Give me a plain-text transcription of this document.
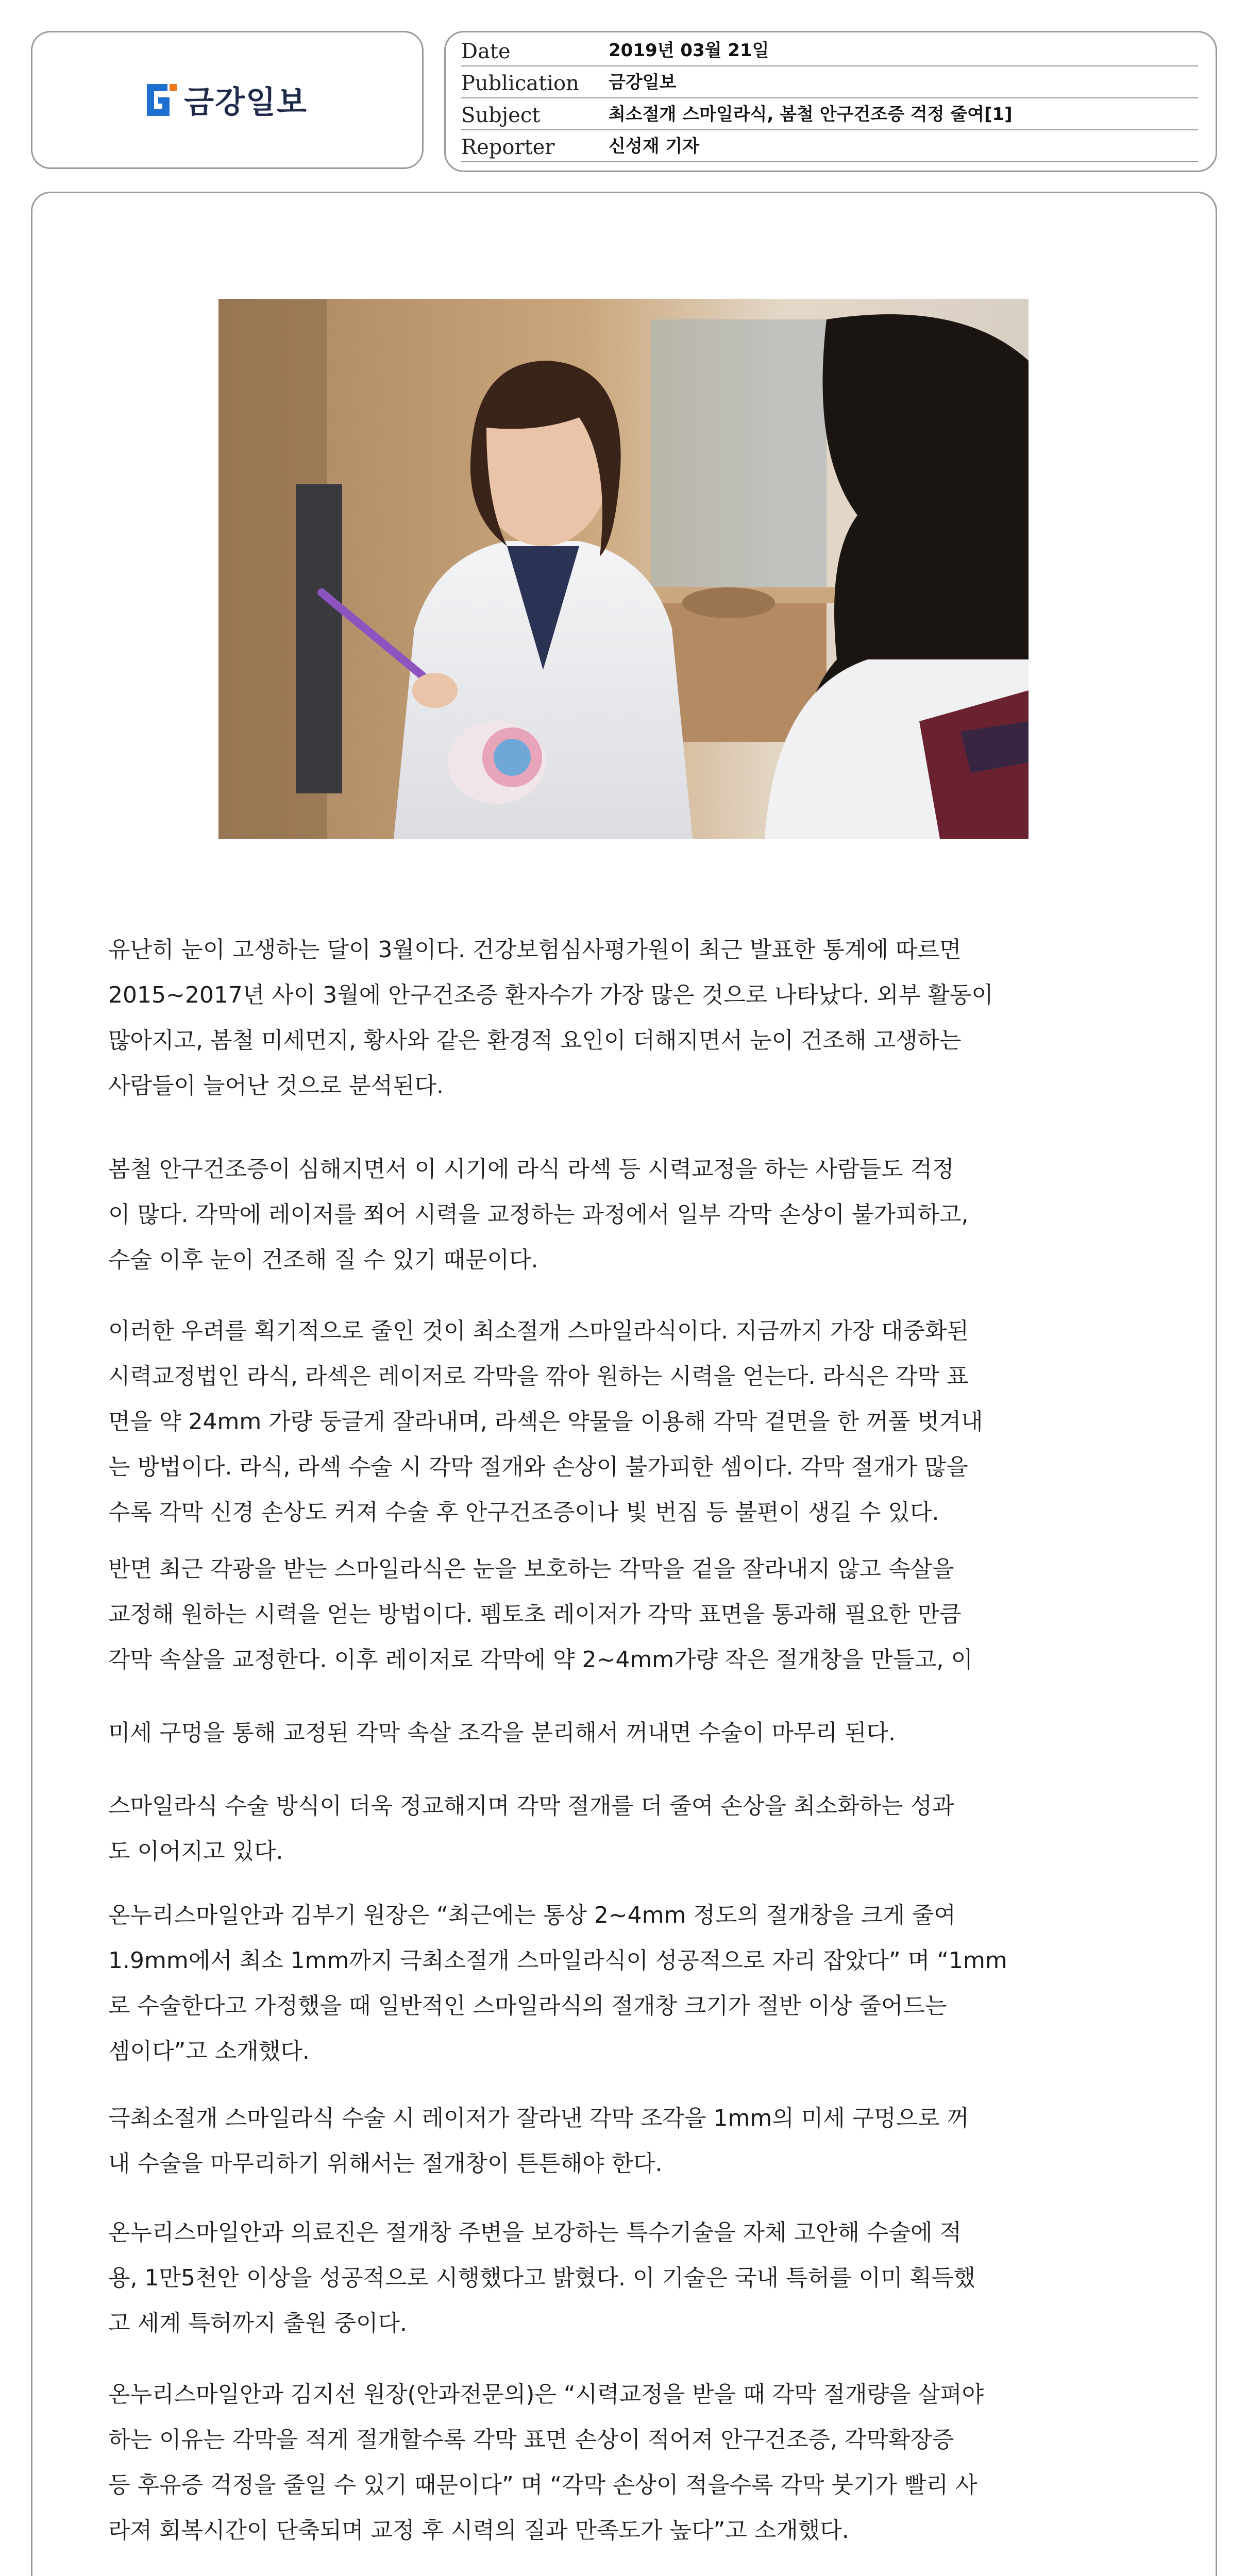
금강일보
Date	2019년 03월 21일
Publication	금강일보
Subject	최소절개 스마일라식, 봄철 안구건조증 걱정 줄여[1]
Reporter	신성재 기자

유난히 눈이 고생하는 달이 3월이다. 건강보험심사평가원이 최근 발표한 통계에 따르면
2015~2017년 사이 3월에 안구건조증 환자수가 가장 많은 것으로 나타났다. 외부 활동이
많아지고, 봄철 미세먼지, 황사와 같은 환경적 요인이 더해지면서 눈이 건조해 고생하는
사람들이 늘어난 것으로 분석된다.

봄철 안구건조증이 심해지면서 이 시기에 라식 라섹 등 시력교정을 하는 사람들도 걱정
이 많다. 각막에 레이저를 쬐어 시력을 교정하는 과정에서 일부 각막 손상이 불가피하고,
수술 이후 눈이 건조해 질 수 있기 때문이다.

이러한 우려를 획기적으로 줄인 것이 최소절개 스마일라식이다. 지금까지 가장 대중화된
시력교정법인 라식, 라섹은 레이저로 각막을 깎아 원하는 시력을 얻는다. 라식은 각막 표
면을 약 24mm 가량 둥글게 잘라내며, 라섹은 약물을 이용해 각막 겉면을 한 꺼풀 벗겨내
는 방법이다. 라식, 라섹 수술 시 각막 절개와 손상이 불가피한 셈이다. 각막 절개가 많을
수록 각막 신경 손상도 커져 수술 후 안구건조증이나 빛 번짐 등 불편이 생길 수 있다.

반면 최근 각광을 받는 스마일라식은 눈을 보호하는 각막을 겉을 잘라내지 않고 속살을
교정해 원하는 시력을 얻는 방법이다. 펨토초 레이저가 각막 표면을 통과해 필요한 만큼
각막 속살을 교정한다. 이후 레이저로 각막에 약 2~4mm가량 작은 절개창을 만들고, 이

미세 구멍을 통해 교정된 각막 속살 조각을 분리해서 꺼내면 수술이 마무리 된다.

스마일라식 수술 방식이 더욱 정교해지며 각막 절개를 더 줄여 손상을 최소화하는 성과
도 이어지고 있다.

온누리스마일안과 김부기 원장은 “최근에는 통상 2~4mm 정도의 절개창을 크게 줄여
1.9mm에서 최소 1mm까지 극최소절개 스마일라식이 성공적으로 자리 잡았다” 며 “1mm
로 수술한다고 가정했을 때 일반적인 스마일라식의 절개창 크기가 절반 이상 줄어드는
셈이다”고 소개했다.

극최소절개 스마일라식 수술 시 레이저가 잘라낸 각막 조각을 1mm의 미세 구멍으로 꺼
내 수술을 마무리하기 위해서는 절개창이 튼튼해야 한다.

온누리스마일안과 의료진은 절개창 주변을 보강하는 특수기술을 자체 고안해 수술에 적
용, 1만5천안 이상을 성공적으로 시행했다고 밝혔다. 이 기술은 국내 특허를 이미 획득했
고 세계 특허까지 출원 중이다.

온누리스마일안과 김지선 원장(안과전문의)은 “시력교정을 받을 때 각막 절개량을 살펴야
하는 이유는 각막을 적게 절개할수록 각막 표면 손상이 적어져 안구건조증, 각막확장증
등 후유증 걱정을 줄일 수 있기 때문이다” 며 “각막 손상이 적을수록 각막 붓기가 빨리 사
라져 회복시간이 단축되며 교정 후 시력의 질과 만족도가 높다”고 소개했다.
